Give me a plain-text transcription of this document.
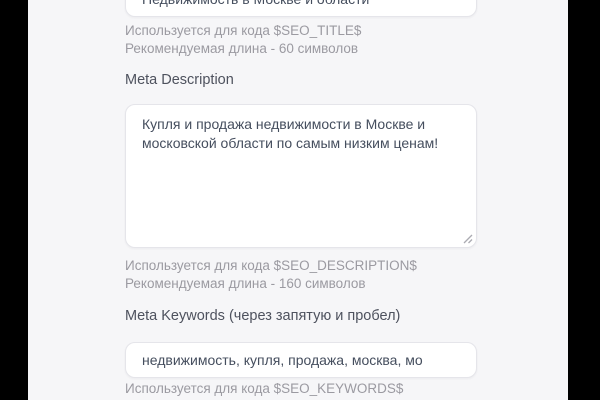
Недвижимость в Москве и области
Используется для кода $SEO_TITLE$
Рекомендуемая длина - 60 символов
Meta Description
Купля и продажа недвижимости в Москве и московской области по самым низким ценам!
Используется для кода $SEO_DESCRIPTION$
Рекомендуемая длина - 160 символов
Meta Keywords (через запятую и пробел)
недвижимость, купля, продажа, москва, мо
Используется для кода $SEO_KEYWORDS$
